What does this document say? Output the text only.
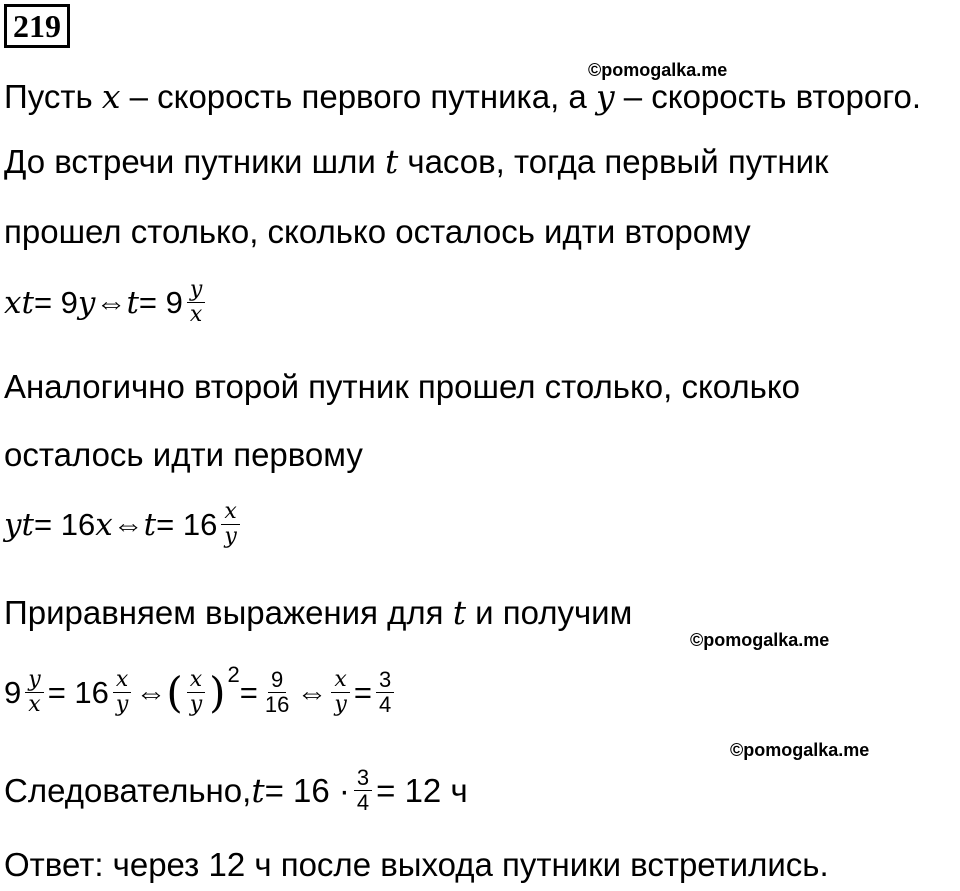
219
©pomogalka.me
©pomogalka.me
©pomogalka.me
Пусть x – скорость первого путника, а y – скорость второго.
До встречи путники шли t часов, тогда первый путник
прошел столько, сколько осталось идти второму
xt = 9 y ⇔ $t = 9 \frac{y}{x}$
Аналогично второй путник прошел столько, сколько
осталось идти первому
yt = 16 x ⇔ $t = 16 \frac{x}{y}$
Приравняем выражения для t и получим
$9 \frac{y}{x} = 16 \frac{x}{y}$ ⇔ ( $\frac{x}{y}$ ) 2
= $\frac{9}{16}$ ⇔ $\frac{x}{y} = \frac{3}{4}$
Следовательно, $t = 16 \cdot \frac{3}{4} = 12$ ч
Ответ: через 12 ч после выхода путники встретились.
